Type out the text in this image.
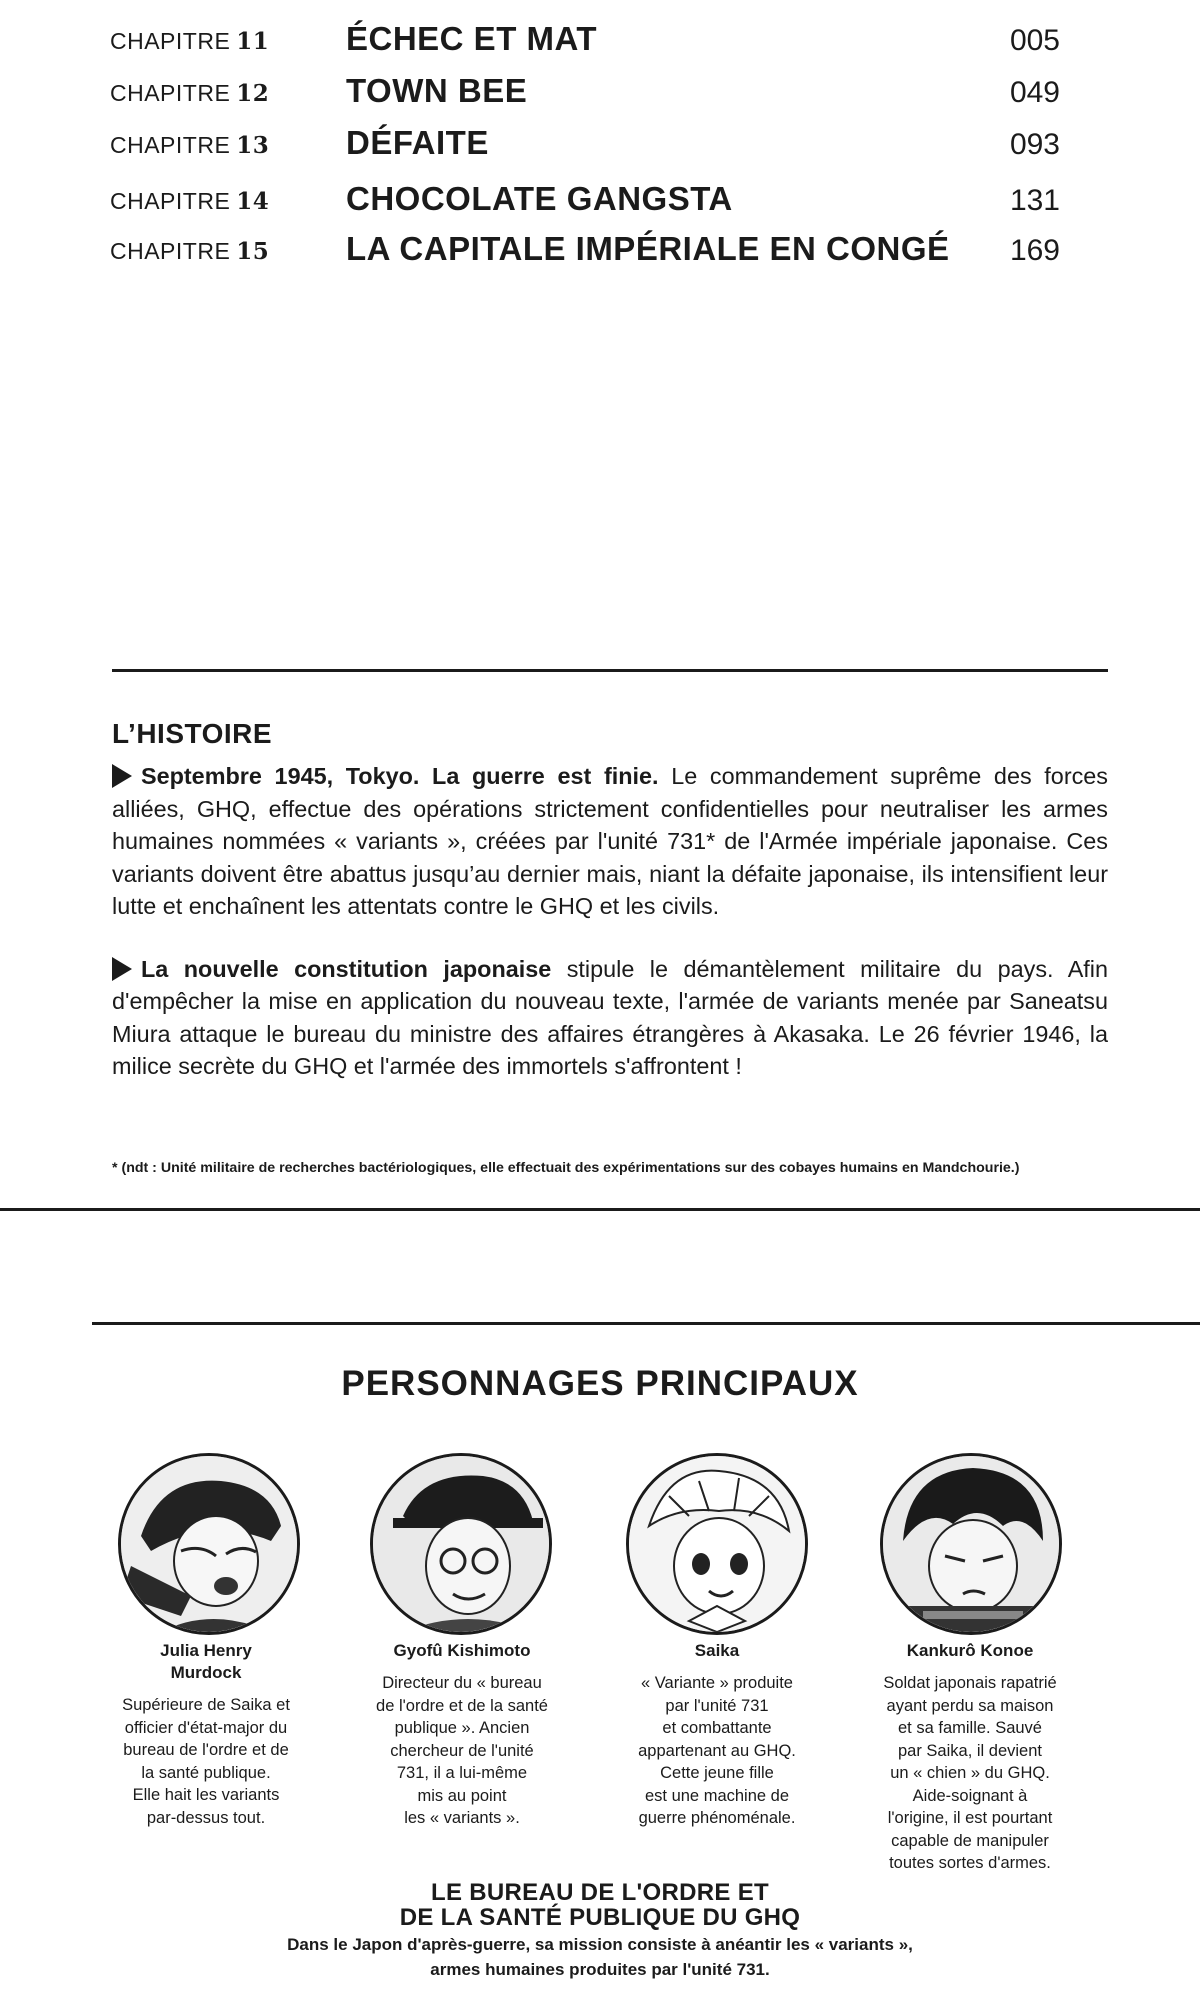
CHAPITRE 11 ÉCHEC ET MAT	005
CHAPITRE 12 TOWN BEE	049
CHAPITRE 13 DÉFAITE	093
CHAPITRE 14 CHOCOLATE GANGSTA	131
CHAPITRE 15 LA CAPITALE IMPÉRIALE EN CONGÉ 169
L’HISTOIRE

Septembre 1945, Tokyo. La guerre est finie. Le commandement suprême des forces alliées, GHQ, effectue des opérations strictement confidentielles pour neutraliser les armes humaines nommées « variants », créées par l'unité 731* de l'Armée impériale japonaise. Ces variants doivent être abattus jusqu’au dernier mais, niant la défaite japonaise, ils intensifient leur lutte et enchaînent les attentats contre le GHQ et les civils.

La nouvelle constitution japonaise stipule le démantèlement militaire du pays. Afin d'empêcher la mise en application du nouveau texte, l'armée de variants menée par Saneatsu Miura attaque le bureau du ministre des affaires étrangères à Akasaka. Le 26 février 1946, la milice secrète du GHQ et l'armée des immortels s'affrontent !

* (ndt : Unité militaire de recherches bactériologiques, elle effectuait des expérimentations sur des cobayes humains en Mandchourie.)
PERSONNAGES PRINCIPAUX
Julia Henry
Murdock
Supérieure de Saika et
officier d'état-major du
bureau de l'ordre et de
la santé publique.
Elle hait les variants
par-dessus tout.
Gyofû Kishimoto
Directeur du « bureau
de l'ordre et de la santé
publique ». Ancien
chercheur de l'unité
731, il a lui-même
mis au point
les « variants ».
Saika
« Variante » produite
par l'unité 731
et combattante
appartenant au GHQ.
Cette jeune fille
est une machine de
guerre phénoménale.
Kankurô Konoe
Soldat japonais rapatrié
ayant perdu sa maison
et sa famille. Sauvé
par Saika, il devient
un « chien » du GHQ.
Aide-soignant à
l'origine, il est pourtant
capable de manipuler
toutes sortes d'armes.
LE BUREAU DE L'ORDRE ET
DE LA SANTÉ PUBLIQUE DU GHQ
Dans le Japon d'après-guerre, sa mission consiste à anéantir les « variants »,
armes humaines produites par l'unité 731.
